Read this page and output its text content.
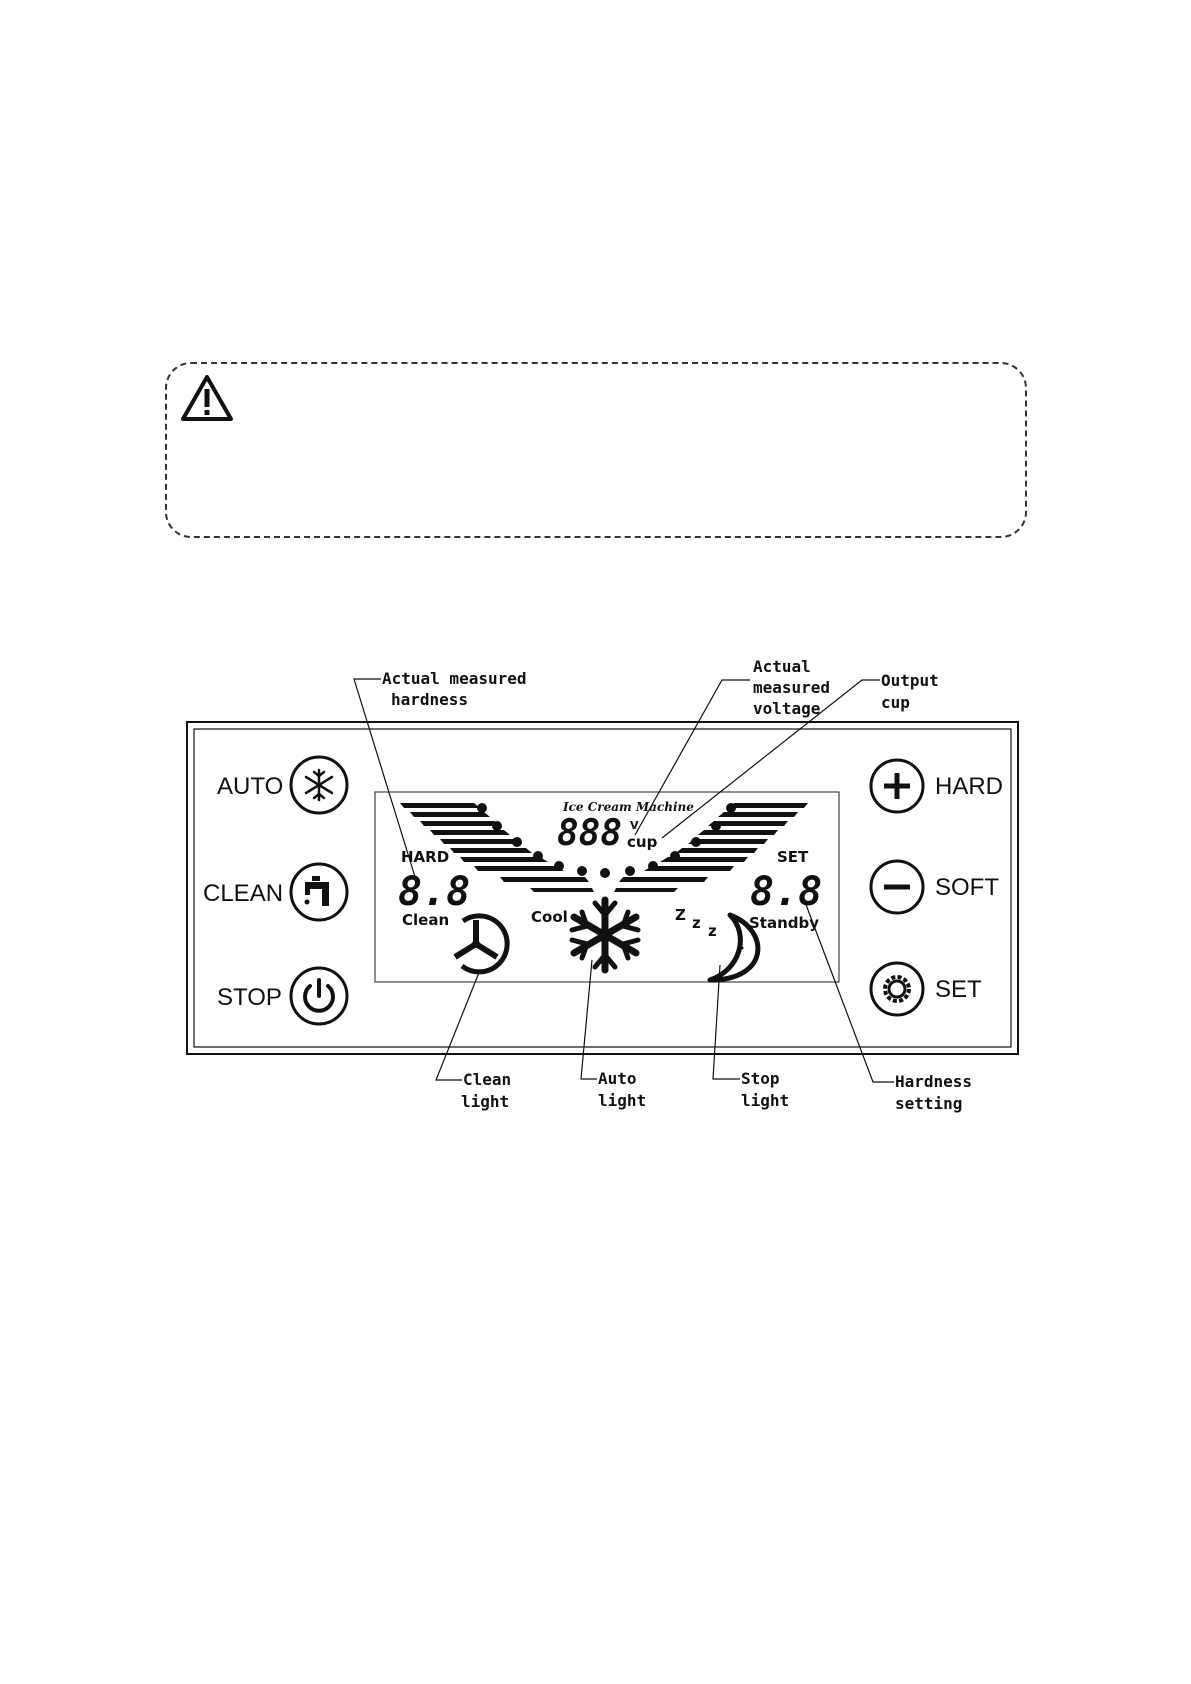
AUTO
CLEAN
STOP
HARD
SOFT
SET
Ice Cream Machine
888 V
cup
HARD
8.8
Clean
SET
8.8
Standby
Cool	Z z z
Actual measured
hardness
Actual
measured
voltage
Output
cup
Clean
light
Auto
light
Stop
light
Hardness
setting
